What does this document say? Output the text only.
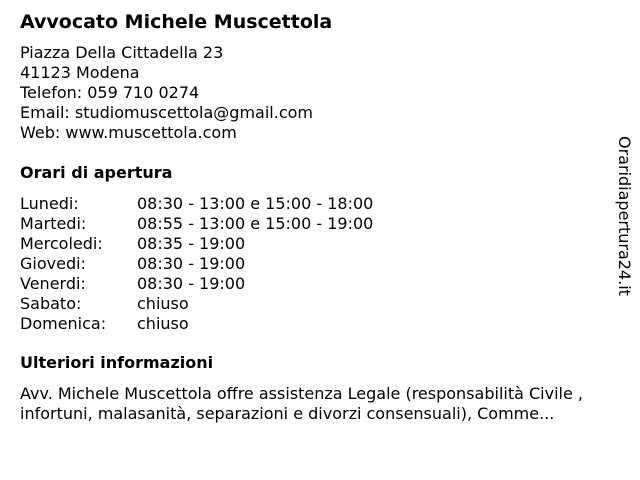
Avvocato Michele Muscettola
Piazza Della Cittadella 23
41123 Modena
Telefon: 059 710 0274
Email: studiomuscettola@gmail.com
Web: www.muscettola.com
Orari di apertura
Lunedi:	08:30 - 13:00 e 15:00 - 18:00
Martedi:	08:55 - 13:00 e 15:00 - 19:00
Mercoledi: 08:35 - 19:00
Giovedi:	08:30 - 19:00
Venerdi:	08:30 - 19:00
Sabato:	chiuso
Domenica: chiuso
Ulteriori informazioni
Avv. Michele Muscettola offre assistenza Legale (responsabilità Civile , infortuni, malasanità, separazioni e divorzi consensuali), Comme...
Oraridiapertura24.it
